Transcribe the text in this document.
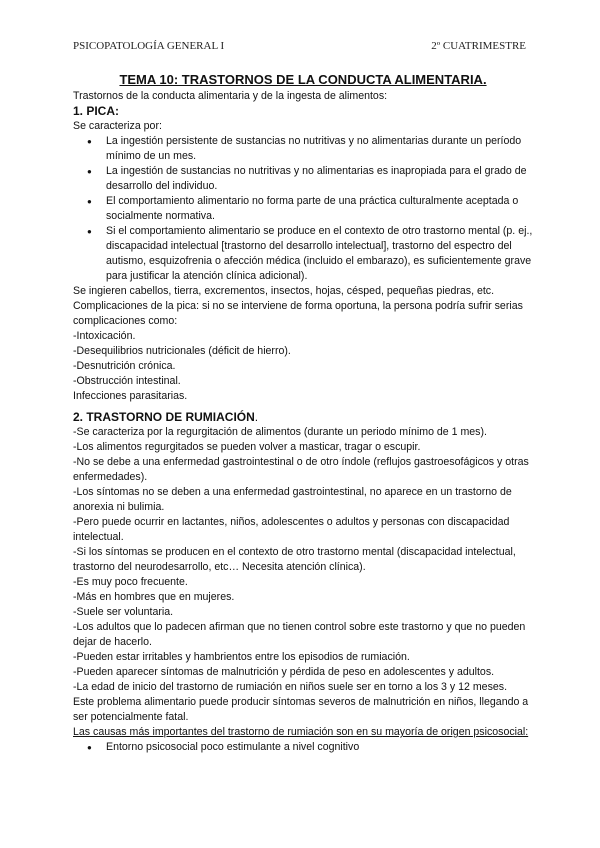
PSICOPATOLOGÍA GENERAL I	2º CUATRIMESTRE
TEMA 10: TRASTORNOS DE LA CONDUCTA ALIMENTARIA.

Trastornos de la conducta alimentaria y de la ingesta de alimentos:

1. PICA:

Se caracteriza por:

● La ingestión persistente de sustancias no nutritivas y no alimentarias durante un período mínimo de un mes.
● La ingestión de sustancias no nutritivas y no alimentarias es inapropiada para el grado de desarrollo del individuo.
● El comportamiento alimentario no forma parte de una práctica culturalmente aceptada o socialmente normativa.
● Si el comportamiento alimentario se produce en el contexto de otro trastorno mental (p. ej., discapacidad intelectual [trastorno del desarrollo intelectual], trastorno del espectro del autismo, esquizofrenia o afección médica (incluido el embarazo), es suficientemente grave para justificar la atención clínica adicional).

Se ingieren cabellos, tierra, excrementos, insectos, hojas, césped, pequeñas piedras, etc.

Complicaciones de la pica: si no se interviene de forma oportuna, la persona podría sufrir serias complicaciones como:

-Intoxicación.

-Desequilibrios nutricionales (déficit de hierro).

-Desnutrición crónica.

-Obstrucción intestinal.

Infecciones parasitarias.

2. TRASTORNO DE RUMIACIÓN.

-Se caracteriza por la regurgitación de alimentos (durante un periodo mínimo de 1 mes).

-Los alimentos regurgitados se pueden volver a masticar, tragar o escupir.

-No se debe a una enfermedad gastrointestinal o de otro índole (reflujos gastroesofágicos y otras enfermedades).

-Los síntomas no se deben a una enfermedad gastrointestinal, no aparece en un trastorno de anorexia ni bulimia.

-Pero puede ocurrir en lactantes, niños, adolescentes o adultos y personas con discapacidad intelectual.

-Si los síntomas se producen en el contexto de otro trastorno mental (discapacidad intelectual, trastorno del neurodesarrollo, etc… Necesita atención clínica).

-Es muy poco frecuente.

-Más en hombres que en mujeres.

-Suele ser voluntaria.

-Los adultos que lo padecen afirman que no tienen control sobre este trastorno y que no pueden dejar de hacerlo.

-Pueden estar irritables y hambrientos entre los episodios de rumiación.

-Pueden aparecer síntomas de malnutrición y pérdida de peso en adolescentes y adultos.

-La edad de inicio del trastorno de rumiación en niños suele ser en torno a los 3 y 12 meses.

Este problema alimentario puede producir síntomas severos de malnutrición en niños, llegando a ser potencialmente fatal.

Las causas más importantes del trastorno de rumiación son en su mayoría de origen psicosocial:

● Entorno psicosocial poco estimulante a nivel cognitivo
